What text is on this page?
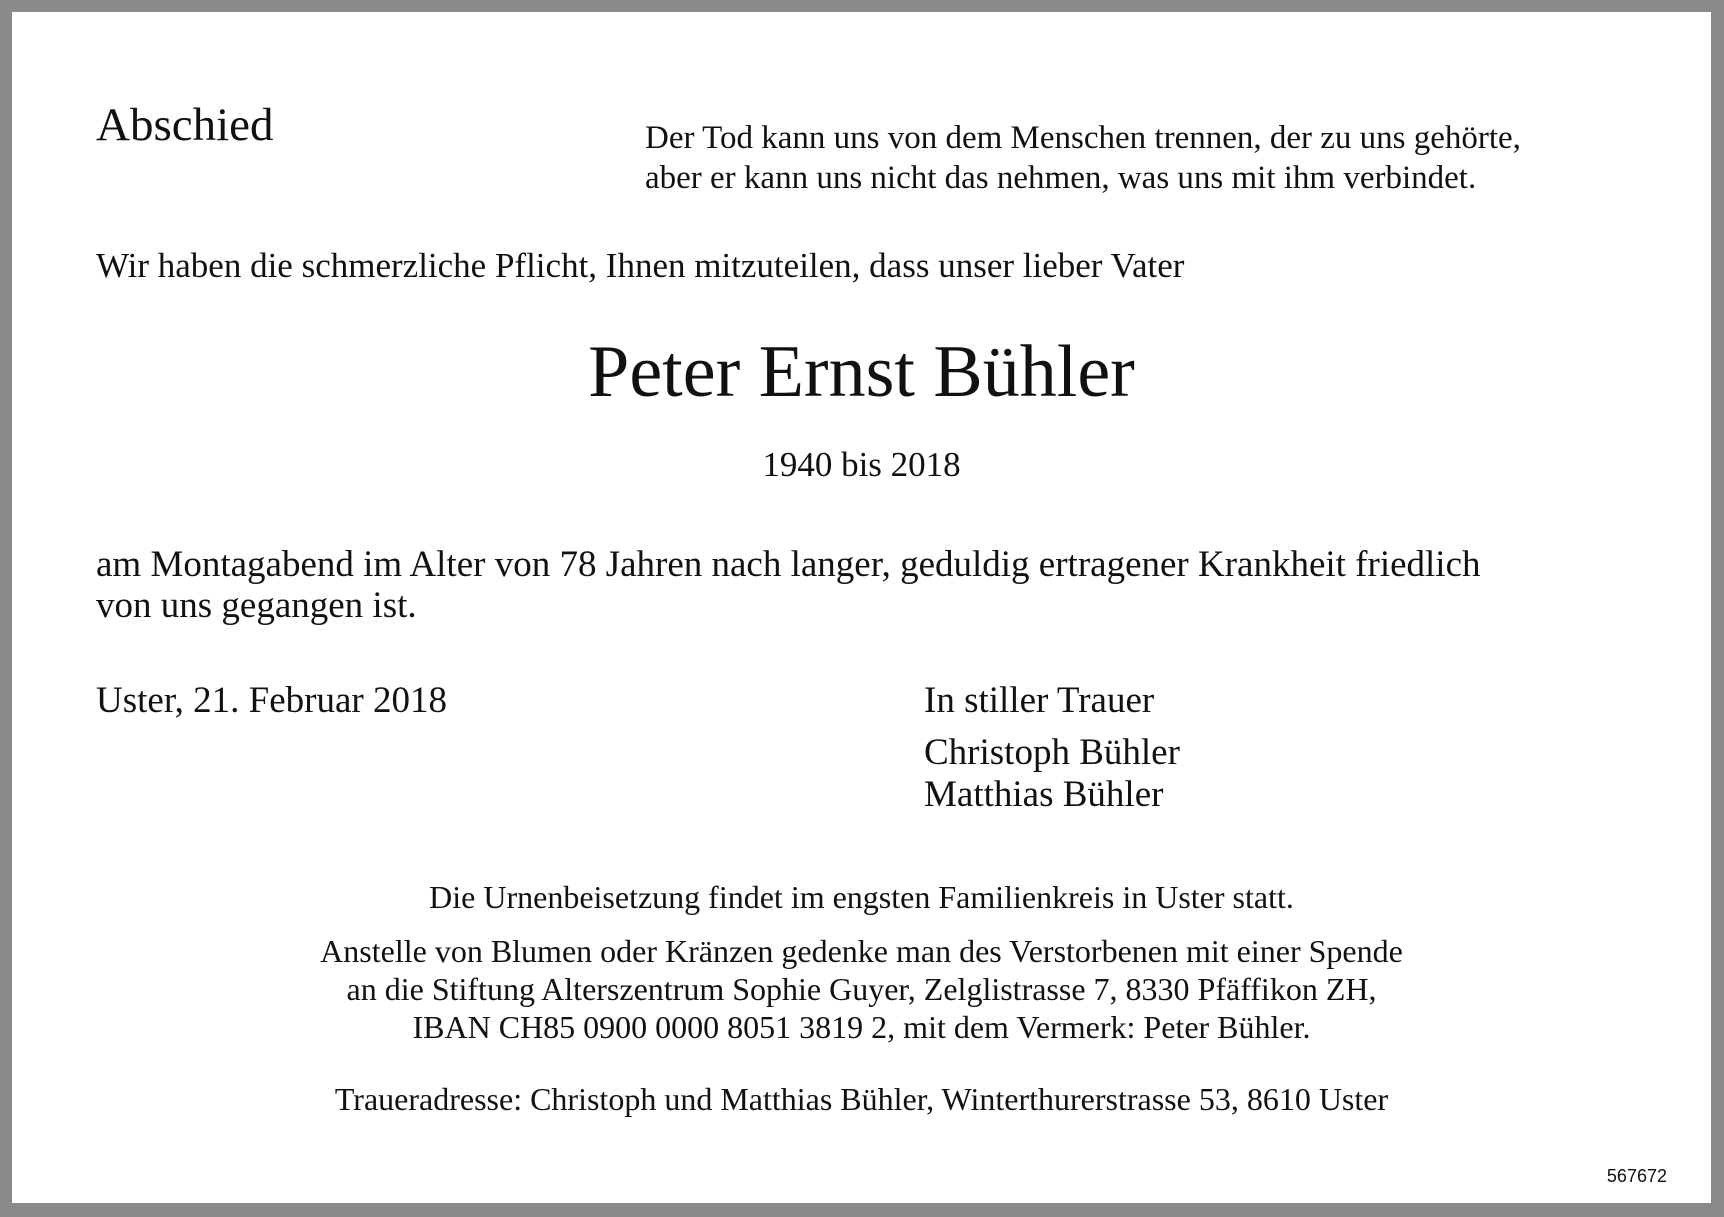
Abschied	Der Tod kann uns von dem Menschen trennen, der zu uns gehörte,
aber er kann uns nicht das nehmen, was uns mit ihm verbindet.
Wir haben die schmerzliche Pflicht, Ihnen mitzuteilen, dass unser lieber Vater
Peter Ernst Bühler
1940 bis 2018
am Montagabend im Alter von 78 Jahren nach langer, geduldig ertragener Krankheit friedlich
von uns gegangen ist.
Uster, 21. Februar 2018	In stiller Trauer
Christoph Bühler
Matthias Bühler
Die Urnenbeisetzung findet im engsten Familienkreis in Uster statt.
Anstelle von Blumen oder Kränzen gedenke man des Verstorbenen mit einer Spende
an die Stiftung Alterszentrum Sophie Guyer, Zelglistrasse 7, 8330 Pfäffikon ZH,
IBAN CH85 0900 0000 8051 3819 2, mit dem Vermerk: Peter Bühler.
Traueradresse: Christoph und Matthias Bühler, Winterthurerstrasse 53, 8610 Uster
567672
